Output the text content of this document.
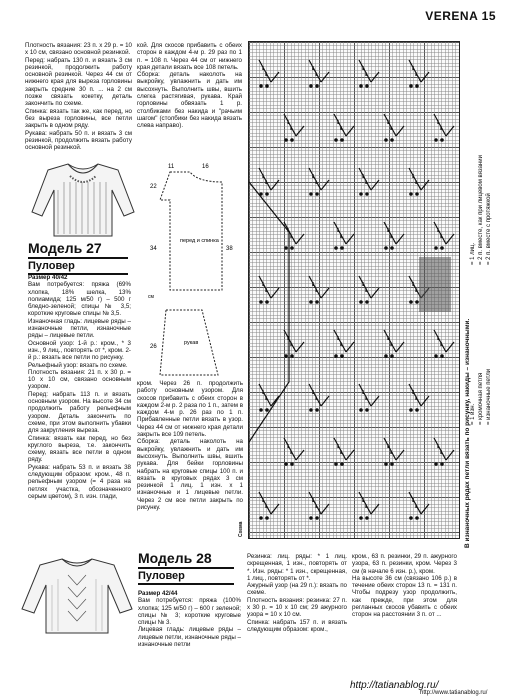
VERENA 15

Плотность вязания: 23 п. x 29 р. = 10 x 10 см, связано основной резинкой.

Перед: набрать 130 п. и вязать 3 см резинкой, продолжить работу основной резинкой. Через 44 см от нижнего края для выреза горловины закрыть средние 30 п. ... на 2 см позже связать кокетку, деталь закончить по схеме.

Спинка: вязать так же, как перед, но без выреза горловины, все петли закрыть в одном ряду.

Рукава: набрать 50 п. и вязать 3 см резинкой, продолжить вязать работу основной резинкой.

кой. Для скосов прибавить с обеих сторон в каждом 4-м р. 29 раз по 1 п. = 108 п. Через 44 см от нижнего края детали вязать все 108 петель.

Сборка: деталь наколоть на выкройку, увлажнить и дать им высохнуть. Выполнить швы, вшить слегка растягивая, рукава. Край горловины обвязать 1 р. столбиками без накида и "рачьим шагом" (столбики без накида вязать слева направо).

Модель 27
Пуловер

Размер 40/42

Вам потребуется: пряжа (69% хлопка, 18% шелка, 13% полиамида; 125 м/50 г) – 500 г бледно-зеленой; спицы № 3,5; короткие круговые спицы № 3,5.

Изнаночная гладь: лицевые ряды – изнаночные петли, изнаночные ряды – лицевые петли.

Основной узор: 1-й р.: кром., * 3 изн., 9 лиц., повторять от *, кром. 2-й р.: вязать все петли по рисунку.

Рельефный узор: вязать по схеме.

Плотность вязания: 21 п. x 30 р. = 10 x 10 см, связано основным узором.

Перед: набрать 113 п. и вязать основным узором. На высоте 34 см продолжить работу рельефным узором. Деталь закончить по схеме, при этом выполнить убавки для закругления выреза.

Спинка: вязать как перед, но без круглого выреза, т.е. закончить схему, вязать все петли в одном ряду.

Рукава: набрать 53 п. и вязать 38 следующим образом: кром., 48 п. рельефным узором (= 4 раза на петлях участка, обозначенного серым цветом), 3 п. изн. глади,

11	16
22
34	38
перед и спинка
см
26
рукав

кром. Через 26 п. продолжить работу основным узором. Для скосов прибавить с обеих сторон в каждом 2-м р. 2 раза по 1 п., затем в каждом 4-м р. 26 раз по 1 п. Прибавленные петли вязать в узор. Через 44 см от нижнего края детали закрыть все 109 петель.

Сборка: деталь наколоть на выкройку, увлажнить и дать им высохнуть. Выполнить швы, вшить рукава. Для бейки горловины набрать на круговые спицы 100 п. и вязать в круговых рядах 3 см резинкой 1 лиц. 1 изн. x 1 изнаночные и 1 лицевые петли. Через 2 см все петли закрыть по рисунку.

Схема
= 1 лиц. = 2 п. вместе, как при лицевом вязании = 2 п. вместе с протяжкой
= 1 изн. = кромочная петля = изнаночные петли
В изнаночных рядах петли вязать по рисунку, накиды – изнаночными.
Модель 28
Пуловер

Размер 42/44

Вам потребуется: пряжа (100% хлопка; 125 м/50 г) – 600 г зеленой; спицы № 3; короткие круговые спицы № 3.

Лицевая гладь: лицевые ряды – лицевые петли, изнаночные ряды – изнаночные петли

Резинка: лиц. ряды: * 1 лиц. скрещенная, 1 изн., повторять от *. Изн. ряды: * 1 изн., скрещенная, 1 лиц., повторять от *.

Ажурный узор (на 29 п.): вязать по схеме.

Плотность вязания: резинка: 27 п. x 30 р. = 10 x 10 см; 29 ажурного узора = 10 x 10 см.

Спинка: набрать 157 п. и вязать следующим образом: кром.,

кром., 63 п. резинки, 29 п. ажурного узора, 63 п. резинки, кром. Через 3 см (в начале 6 изн. р.), кром.

На высоте 36 см (связано 106 р.) в течение обеих сторон 13 п. = 131 п. Чтобы подрезу узор продолжить, как прежде, при этом для регланных скосов убавить с обеих сторон на расстоянии 3 п. от ...

http://tatianablog.ru/
http://www.tatianablog.ru/
